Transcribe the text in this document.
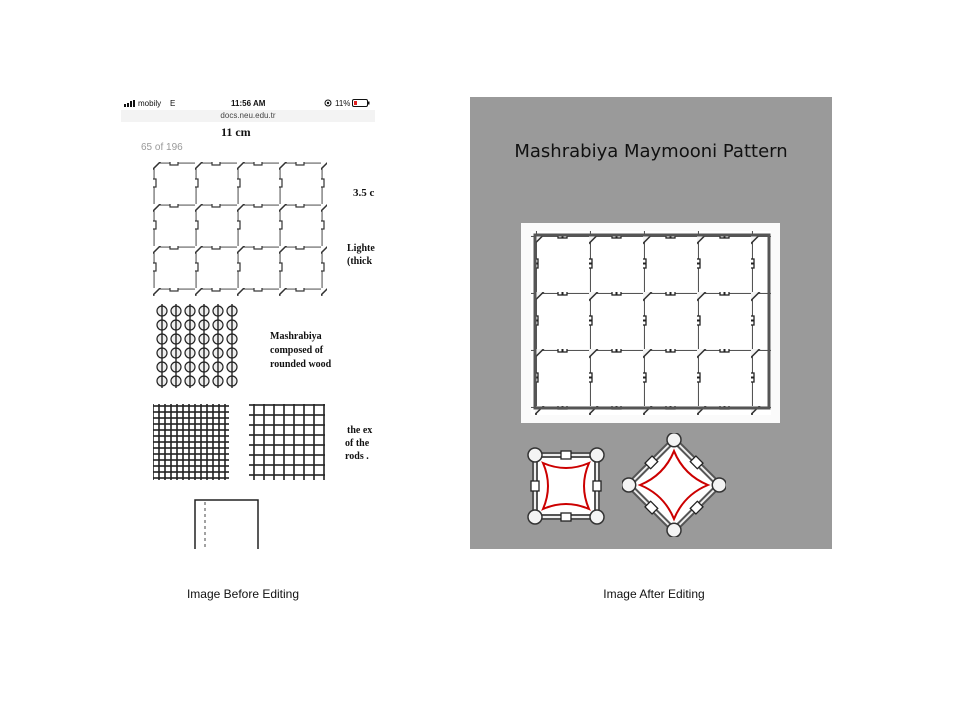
mobily E	11:56 AM	11%
docs.neu.edu.tr
11 cm
65 of 196
3.5 c
Lighte
(thick
Mashrabiya
composed of
rounded wood
the ex
of the
rods .
Mashrabiya Maymooni Pattern
Image Before Editing	Image After Editing
